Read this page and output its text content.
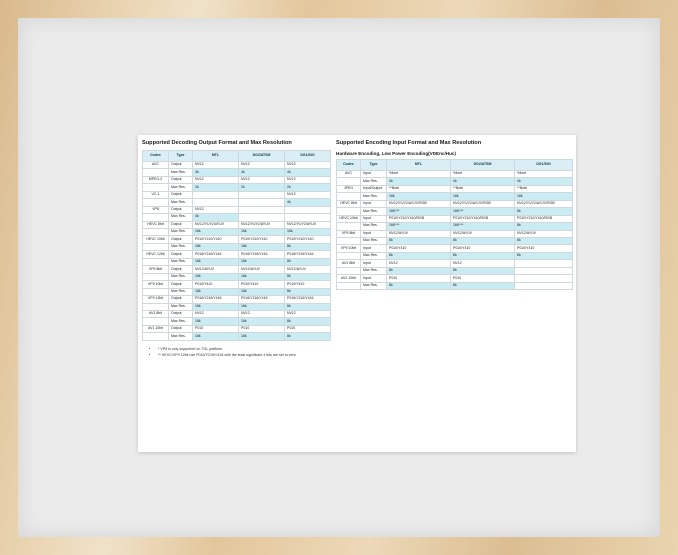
Supported Decoding Output Format and Max Resolution
Codec	Type	MTL	DG2/ATSM	DG1/SGI
AVC	Output	NV12	NV12	NV12
	Max Res.	4k	4k	4k
MPEG-2	Output	NV12	NV12	NV12
	Max Res.	2k	2k	2k
VC-1	Output			NV12
	Max Res.			4k
VP8	Output	NV12		
	Max Res.	4k		
HEVC 8bit	Output	NV12/YUY2/AYUV	NV12/YUY2/AYUV	NV12/YUY2/AYUV
	Max Res.	16k	16k	16k
HEVC 10bit	Output	P010/Y210/Y410	P010/Y210/Y410	P010/Y210/Y410
	Max Res.	16k	16k	8k
HEVC 12bit	Output	P016/Y216/Y416	P016/Y216/Y416	P016/Y216/Y416
	Max Res.	16k	16k	8k
VP9 8bit	Output	NV12/AYUV	NV12/AYUV	NV12/AYUV
	Max Res.	16k	16k	8k
VP9 10bit	Output	P010/Y410	P010/Y410	P010/Y410
	Max Res.	16k	16k	8k
VP9 12bit	Output	P016/Y216/Y416	P016/Y216/Y416	P016/Y216/Y416
	Max Res.	16k	16k	8k
AV1 8bit	Output	NV12	NV12	NV12
	Max Res.	16k	16k	8k
AV1 10bit	Output	P010	P010	P010
	Max Res.	16k	16k	8k
Supported Encoding Input Format and Max Resolution
Hardware Encoding, Low Power Encoding(VDEnc/Huc)
Codec	Type	MTL	DG2/ATSM	DG1/SGI
AVC	Input	*More	*More	*More
	Max Res.	4k	4k	4k
JPEG	Input/Output	**Note	**Note	**Note
	Max Res.	16k	16k	16k
HEVC 8bit	Input	NV12/YUY2/AYUV/RGB	NV12/YUY2/AYUV/RGB	NV12/YUY2/AYUV/RGB
	Max Res.	16K***	16K***	8k
HEVC 10bit	Input	P010/Y210/Y410/RGB	P010/Y210/Y410/RGB	P010/Y210/Y410/RGB
	Max Res.	16K***	16K***	8k
VP9 8bit	Input	NV12/AYUV	NV12/AYUV	NV12/AYUV
	Max Res.	8k	8k	8k
VP9 10bit	Input	P010/Y410	P010/Y410	P010/Y410
	Max Res.	8k	8k	8k
AV1 8bit	Input	NV12	NV12	
	Max Res.	8k	8k	
AV1 10bit	Input	P010	P010	
	Max Res.	8k	8k	
• * VP8 is only supported on TGL platform
• ** HEVC/VP9 12bit use P016/Y216/Y416 with the least significant 4 bits are set to zero
